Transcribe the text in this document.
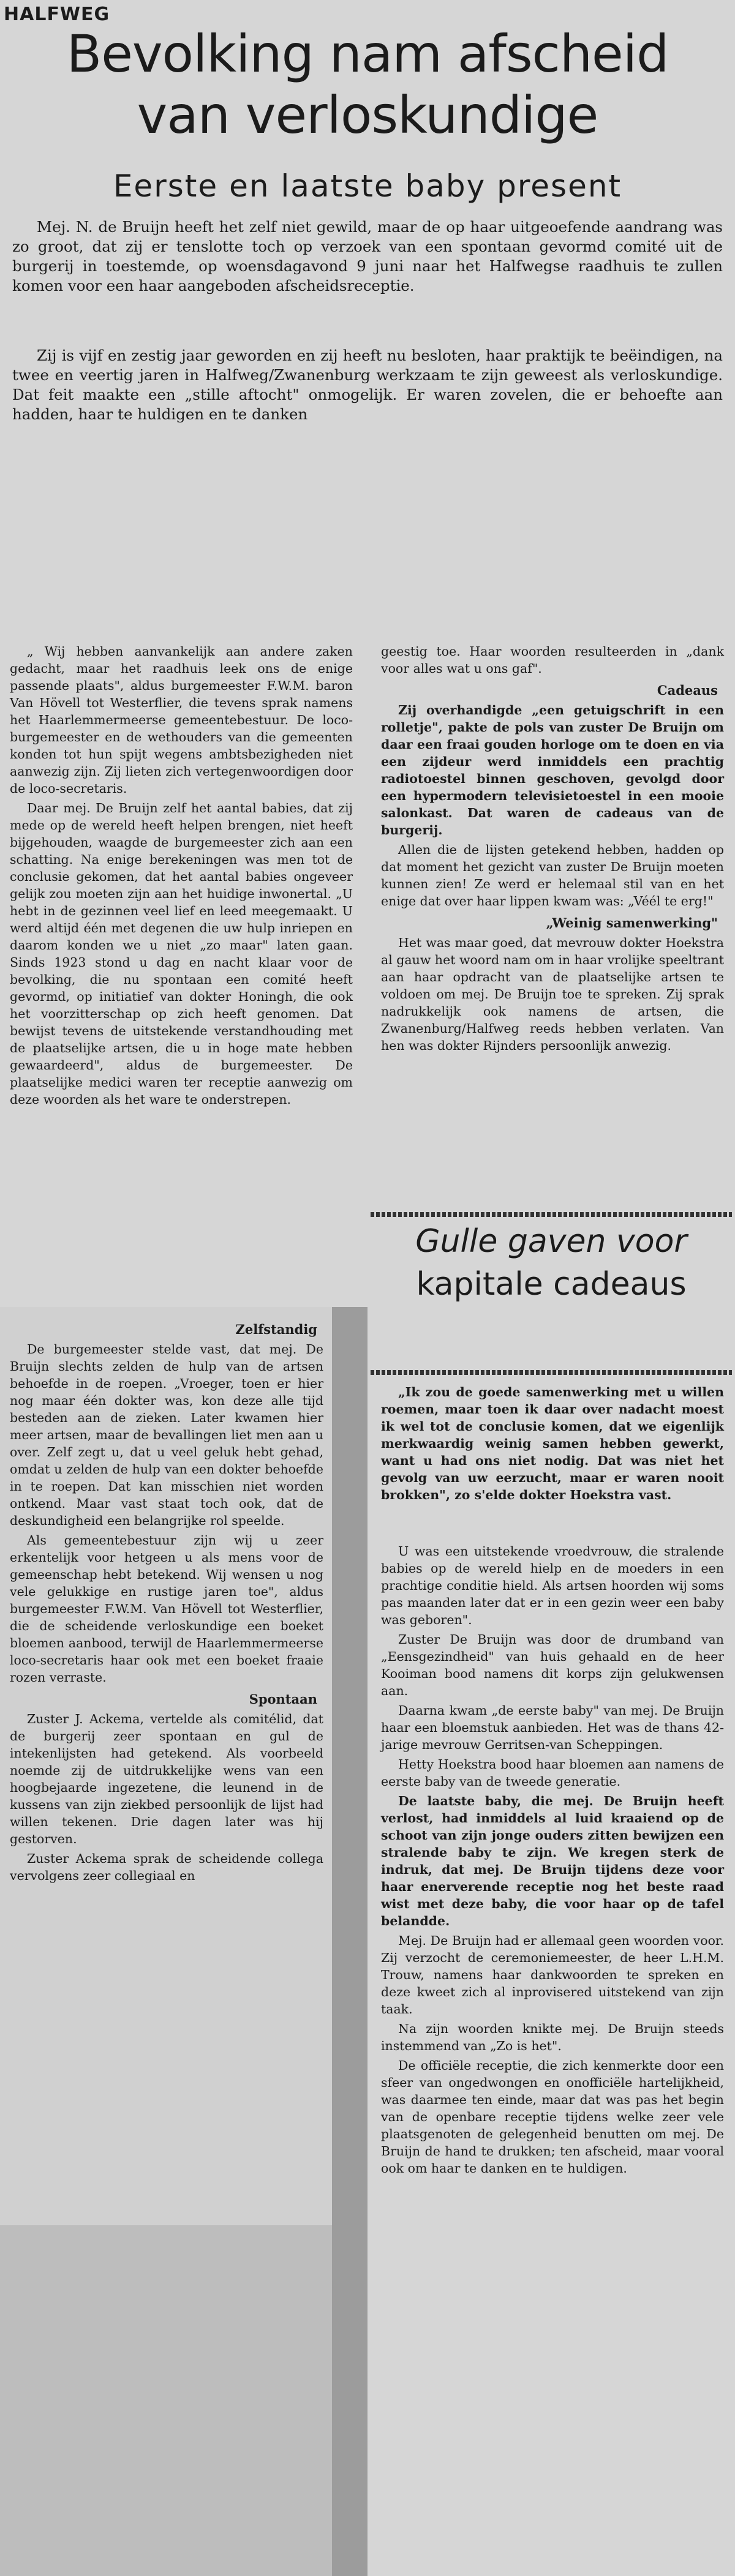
HALFWEG
Bevolking nam afscheid
van verloskundige
Eerste en laatste baby present

Mej. N. de Bruijn heeft het zelf niet gewild, maar de op haar uitgeoefende aandrang was zo groot, dat zij er tenslotte toch op verzoek van een spontaan gevormd comité uit de burgerij in toestemde, op woensdagavond 9 juni naar het Halfwegse raadhuis te zullen komen voor een haar aangeboden afscheidsreceptie.

Zij is vijf en zestig jaar geworden en zij heeft nu besloten, haar praktijk te beëindigen, na twee en veertig jaren in Halfweg/Zwanenburg werkzaam te zijn geweest als verloskundige. Dat feit maakte een „stille aftocht" onmogelijk. Er waren zovelen, die er behoefte aan hadden, haar te huldigen en te danken

„ Wij hebben aanvankelijk aan andere zaken gedacht, maar het raadhuis leek ons de enige passende plaats", aldus burgemeester F.W.M. baron Van Hövell tot Westerflier, die tevens sprak namens het Haarlemmermeerse gemeentebestuur. De loco-burgemeester en de wethouders van die gemeenten konden tot hun spijt wegens ambtsbezigheden niet aanwezig zijn. Zij lieten zich vertegenwoordigen door de loco-secretaris.

Daar mej. De Bruijn zelf het aantal babies, dat zij mede op de wereld heeft helpen brengen, niet heeft bijgehouden, waagde de burgemeester zich aan een schatting. Na enige berekeningen was men tot de conclusie gekomen, dat het aantal babies ongeveer gelijk zou moeten zijn aan het huidige inwonertal. „U hebt in de gezinnen veel lief en leed meegemaakt. U werd altijd één met degenen die uw hulp inriepen en daarom konden we u niet „zo maar" laten gaan. Sinds 1923 stond u dag en nacht klaar voor de bevolking, die nu spontaan een comité heeft gevormd, op initiatief van dokter Honingh, die ook het voorzitterschap op zich heeft genomen. Dat bewijst tevens de uitstekende verstandhouding met de plaatselijke artsen, die u in hoge mate hebben gewaardeerd", aldus de burgemeester. De plaatselijke medici waren ter receptie aanwezig om deze woorden als het ware te onderstrepen.

Zelfstandig

De burgemeester stelde vast, dat mej. De Bruijn slechts zelden de hulp van de artsen behoefde in de roepen. „Vroeger, toen er hier nog maar één dokter was, kon deze alle tijd besteden aan de zieken. Later kwamen hier meer artsen, maar de bevallingen liet men aan u over. Zelf zegt u, dat u veel geluk hebt gehad, omdat u zelden de hulp van een dokter behoefde in te roepen. Dat kan misschien niet worden ontkend. Maar vast staat toch ook, dat de deskundigheid een belangrijke rol speelde.

Als gemeentebestuur zijn wij u zeer erkentelijk voor hetgeen u als mens voor de gemeenschap hebt betekend. Wij wensen u nog vele gelukkige en rustige jaren toe", aldus burgemeester F.W.M. Van Hövell tot Westerflier, die de scheidende verloskundige een boeket bloemen aanbood, terwijl de Haarlemmermeerse loco-secretaris haar ook met een boeket fraaie rozen verraste.

Spontaan

Zuster J. Ackema, vertelde als comitélid, dat de burgerij zeer spontaan en gul de intekenlijsten had getekend. Als voorbeeld noemde zij de uitdrukkelijke wens van een hoogbejaarde ingezetene, die leunend in de kussens van zijn ziekbed persoonlijk de lijst had willen tekenen. Drie dagen later was hij gestorven.

Zuster Ackema sprak de scheidende collega vervolgens zeer collegiaal en

geestig toe. Haar woorden resulteerden in „dank voor alles wat u ons gaf".

Cadeaus

Zij overhandigde „een getuigschrift in een rolletje", pakte de pols van zuster De Bruijn om daar een fraai gouden horloge om te doen en via een zijdeur werd inmiddels een prachtig radiotoestel binnen geschoven, gevolgd door een hypermodern televisietoestel in een mooie salonkast. Dat waren de cadeaus van de burgerij.

Allen die de lijsten getekend hebben, hadden op dat moment het gezicht van zuster De Bruijn moeten kunnen zien! Ze werd er helemaal stil van en het enige dat over haar lippen kwam was: „Véél te erg!"

„Weinig samenwerking"

Het was maar goed, dat mevrouw dokter Hoekstra al gauw het woord nam om in haar vrolijke speeltrant aan haar opdracht van de plaatselijke artsen te voldoen om mej. De Bruijn toe te spreken. Zij sprak nadrukkelijk ook namens de artsen, die Zwanenburg/Halfweg reeds hebben verlaten. Van hen was dokter Rijnders persoonlijk anwezig.

Gulle gaven voor
kapitale cadeaus

„Ik zou de goede samenwerking met u willen roemen, maar toen ik daar over nadacht moest ik wel tot de conclusie komen, dat we eigenlijk merkwaardig weinig samen hebben gewerkt, want u had ons niet nodig. Dat was niet het gevolg van uw eerzucht, maar er waren nooit brokken", zo s'elde dokter Hoekstra vast.

U was een uitstekende vroedvrouw, die stralende babies op de wereld hielp en de moeders in een prachtige conditie hield. Als artsen hoorden wij soms pas maanden later dat er in een gezin weer een baby was geboren".

Zuster De Bruijn was door de drumband van „Eensgezindheid" van huis gehaald en de heer Kooiman bood namens dit korps zijn gelukwensen aan.

Daarna kwam „de eerste baby" van mej. De Bruijn haar een bloemstuk aanbieden. Het was de thans 42-jarige mevrouw Gerritsen-van Scheppingen.

Hetty Hoekstra bood haar bloemen aan namens de eerste baby van de tweede generatie.

De laatste baby, die mej. De Bruijn heeft verlost, had inmiddels al luid kraaiend op de schoot van zijn jonge ouders zitten bewijzen een stralende baby te zijn. We kregen sterk de indruk, dat mej. De Bruijn tijdens deze voor haar enerverende receptie nog het beste raad wist met deze baby, die voor haar op de tafel belandde.

Mej. De Bruijn had er allemaal geen woorden voor. Zij verzocht de ceremoniemeester, de heer L.H.M. Trouw, namens haar dankwoorden te spreken en deze kweet zich al inprovisered uitstekend van zijn taak.

Na zijn woorden knikte mej. De Bruijn steeds instemmend van „Zo is het".

De officiële receptie, die zich kenmerkte door een sfeer van ongedwongen en onofficiële hartelijkheid, was daarmee ten einde, maar dat was pas het begin van de openbare receptie tijdens welke zeer vele plaatsgenoten de gelegenheid benutten om mej. De Bruijn de hand te drukken; ten afscheid, maar vooral ook om haar te danken en te huldigen.
